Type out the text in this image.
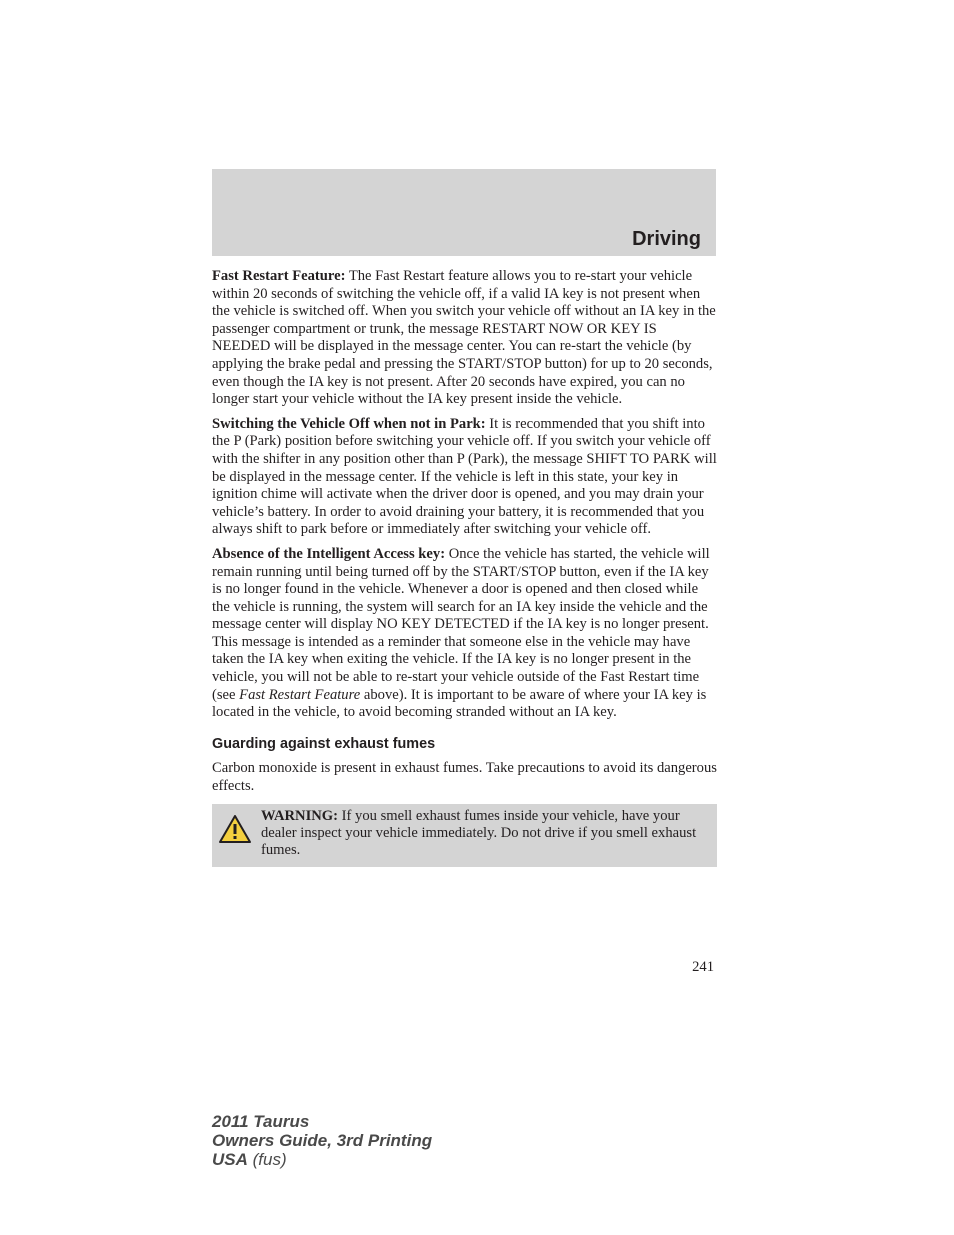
Driving

Fast Restart Feature: The Fast Restart feature allows you to re-start your vehicle within 20 seconds of switching the vehicle off, if a valid IA key is not present when the vehicle is switched off. When you switch your vehicle off without an IA key in the passenger compartment or trunk, the message RESTART NOW OR KEY IS NEEDED will be displayed in the message center. You can re-start the vehicle (by applying the brake pedal and pressing the START/STOP button) for up to 20 seconds, even though the IA key is not present. After 20 seconds have expired, you can no longer start your vehicle without the IA key present inside the vehicle.

Switching the Vehicle Off when not in Park: It is recommended that you shift into the P (Park) position before switching your vehicle off. If you switch your vehicle off with the shifter in any position other than P (Park), the message SHIFT TO PARK will be displayed in the message center. If the vehicle is left in this state, your key in ignition chime will activate when the driver door is opened, and you may drain your vehicle’s battery. In order to avoid draining your battery, it is recommended that you always shift to park before or immediately after switching your vehicle off.

Absence of the Intelligent Access key: Once the vehicle has started, the vehicle will remain running until being turned off by the START/STOP button, even if the IA key is no longer found in the vehicle. Whenever a door is opened and then closed while the vehicle is running, the system will search for an IA key inside the vehicle and the message center will display NO KEY DETECTED if the IA key is no longer present. This message is intended as a reminder that someone else in the vehicle may have taken the IA key when exiting the vehicle. If the IA key is no longer present in the vehicle, you will not be able to re-start your vehicle outside of the Fast Restart time (see Fast Restart Feature above). It is important to be aware of where your IA key is located in the vehicle, to avoid becoming stranded without an IA key.

Guarding against exhaust fumes

Carbon monoxide is present in exhaust fumes. Take precautions to avoid its dangerous effects.

WARNING: If you smell exhaust fumes inside your vehicle, have your dealer inspect your vehicle immediately. Do not drive if you smell exhaust fumes.
241
2011 Taurus
Owners Guide, 3rd Printing
USA (fus)
